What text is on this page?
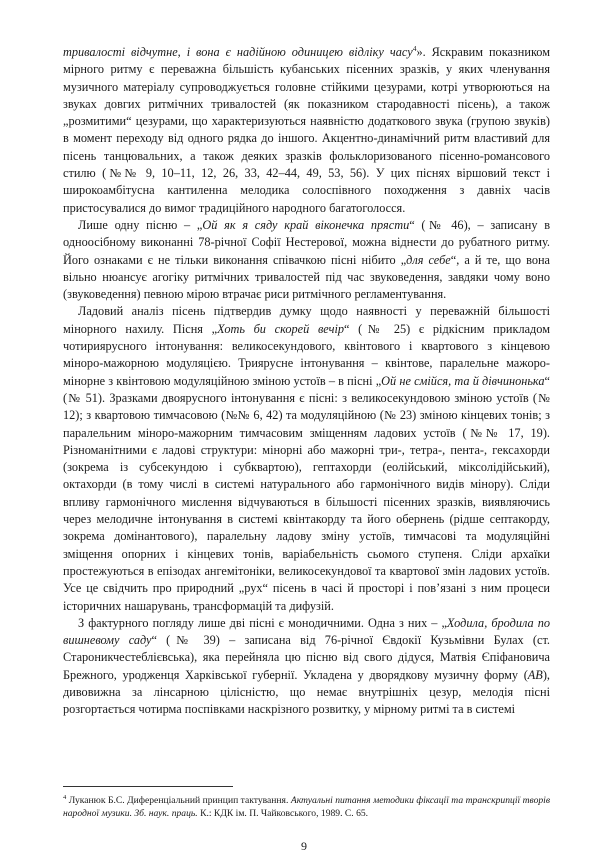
тривалості відчутне, і вона є надійною одиницею відліку часу$^4$». Яскравим показником мірного ритму є переважна більшість кубанських пісенних зразків, у яких членування музичного матеріалу супроводжується головне стійкими цезурами, котрі утворюються на звуках довгих ритмічних тривалостей (як показником стародавності пісень), а також „розмитими“ цезурами, що характеризуються наявністю додаткового звука (групою звуків) в момент переходу від одного рядка до іншого. Акцентно-динамічний ритм властивий для пісень танцювальних, а також деяких зразків фольклоризованого пісенно-романсового стилю (№№ 9, 10–11, 12, 26, 33, 42–44, 49, 53, 56). У цих піснях віршовий текст і широкоамбітусна кантиленна мелодика солоспівного походження з давніх часів пристосувалися до вимог традиційного народного багатоголосся.

Лише одну пісню – „Ой як я сяду край віконечка прясти“ (№ 46), – записану в одноосібному виконанні 78-річної Софії Нестерової, можна віднести до рубатного ритму. Його ознаками є не тільки виконання співачкою пісні нібито „для себе“, а й те, що вона вільно нюансує агогіку ритмічних тривалостей під час звуковедення, завдяки чому воно (звуковедення) певною мірою втрачає риси ритмічного регламентування.

Ладовий аналіз пісень підтвердив думку щодо наявності у переважній більшості мінорного нахилу. Пісня „Хоть би скорей вечір“ (№ 25) є рідкісним прикладом чотириярусного інтонування: великосекундового, квінтового і квартового з кінцевою мінoро-мажорною модуляцією. Триярусне інтонування – квінтове, паралельне мажоро-мінорне з квінтовою модуляційною зміною устоїв – в пісні „Ой не смійся, та й дівчинонька“ (№ 51). Зразками двоярусного інтонування є пісні: з великосекундовою зміною устоїв (№ 12); з квартовою тимчасовою (№№ 6, 42) та модуляційною (№ 23) зміною кінцевих тонів; з паралельним мінoро-мажорним тимчасовим зміщенням ладових устоїв (№№ 17, 19). Різноманітними є ладові структури: мінорні або мажорні три-, тетра-, пента-, гексахорди (зокрема із субсекундою і субквартою), гептахорди (еолійський, міксолідійський), октахорди (в тому числі в системі натурального або гармонічного видів мінору). Сліди впливу гармонічного мислення відчуваються в більшості пісенних зразків, виявляючись через мелодичне інтонування в системі квінтакорду та його обернень (рідше септакорду, зокрема домінантового), паралельну ладову зміну устоїв, тимчасові та модуляційні зміщення опорних і кінцевих тонів, варіабельність сьомого ступеня. Сліди архаїки простежуються в епізодах ангемітоніки, великосекундової та квартової змін ладових устоїв. Усе це свідчить про природний „рух“ пісень в часі й просторі і пов’язані з ним процеси історичних нашарувань, трансформацій та дифузій.

З фактурного погляду лише дві пісні є монодичними. Одна з них – „Ходила, бродила по вишневому саду“ (№ 39) – записана від 76-річної Євдокії Кузьмівни Булах (ст. Староникчестеблієвська), яка перейняла цю пісню від свого дідуся, Матвія Єпіфановича Брежного, уродженця Харківської губернії. Укладена у дворядкову музичну форму (АВ), дивовижна за лінсарною цілісністю, що немає внутрішніх цезур, мелодія пісні розгортається чотирма поспівками наскрізного розвитку, у мірному ритмі та в системі

$^4$ Луканюк Б.С. Диференціальний принцип тактування. Актуальні питання методики фіксації та транскрипції творів народної музики. Зб. наук. праць. К.: КДК ім. П. Чайковського, 1989. С. 65.

9
